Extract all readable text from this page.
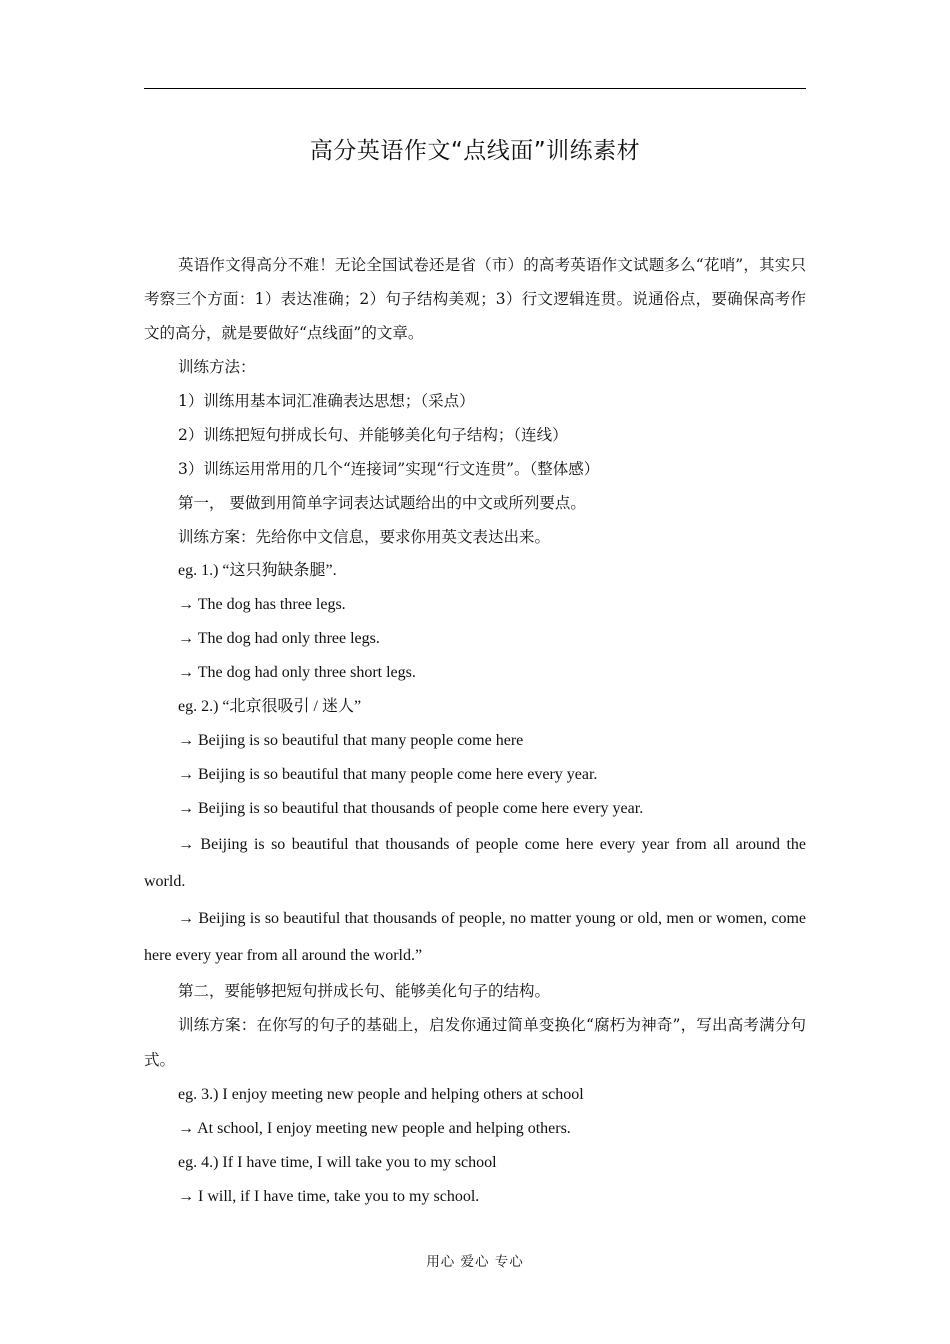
高分英语作文“点线面”训练素材

英语作文得高分不难！无论全国试卷还是省（市）的高考英语作文试题多么“花哨”，其实只考察三个方面：1）表达准确；2）句子结构美观；3）行文逻辑连贯。说通俗点，要确保高考作文的高分，就是要做好“点线面”的文章。

训练方法：

1）训练用基本词汇准确表达思想；（采点）

2）训练把短句拼成长句、并能够美化句子结构；（连线）

3）训练运用常用的几个“连接词”实现“行文连贯”。（整体感）

第一， 要做到用简单字词表达试题给出的中文或所列要点。

训练方案：先给你中文信息，要求你用英文表达出来。

eg. 1.) “这只狗缺条腿”.

→ The dog has three legs.

→ The dog had only three legs.

→ The dog had only three short legs.

eg. 2.) “北京很吸引 / 迷人”

→ Beijing is so beautiful that many people come here

→ Beijing is so beautiful that many people come here every year.

→ Beijing is so beautiful that thousands of people come here every year.

→ Beijing is so beautiful that thousands of people come here every year from all around the world.

→ Beijing is so beautiful that thousands of people, no matter young or old, men or women, come here every year from all around the world.”

第二，要能够把短句拼成长句、能够美化句子的结构。

训练方案：在你写的句子的基础上，启发你通过简单变换化“腐朽为神奇”，写出高考满分句式。

eg. 3.) I enjoy meeting new people and helping others at school

→ At school, I enjoy meeting new people and helping others.

eg. 4.) If I have time, I will take you to my school

→ I will, if I have time, take you to my school.

用心 爱心 专心
